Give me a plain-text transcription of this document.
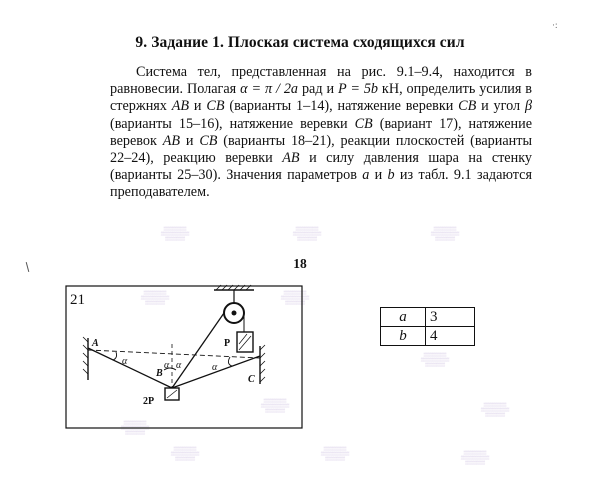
9. Задание 1. Плоская система сходящихся сил
Система тел, представленная на рис. 9.1–9.4, находится в равновесии. Полагая α = π / 2a рад и P = 5b кН, определить усилия в стержнях AB и CB (варианты 1–14), натяжение веревки CB и угол β (варианты 15–16), натяжение веревки CB (вариант 17), натяжение веревок AB и CB (варианты 18–21), реакции плоскостей (варианты 22–24), реакцию веревки AB и силу давления шара на стенку (варианты 25–30). Значения параметров a и b из табл. 9.1 задаются преподавателем.
18
·:
▒▒▒▒▒▒▒▒
▒▒▒▒▒▒▒▒▒▒
▒▒▒▒▒▒▒
▒▒▒▒▒▒▒▒
▒▒▒▒▒▒▒▒▒▒
▒▒▒▒▒▒▒
▒▒▒▒▒▒▒▒
▒▒▒▒▒▒▒▒▒▒
▒▒▒▒▒▒▒
▒▒▒▒▒▒▒▒
▒▒▒▒▒▒▒▒▒▒
▒▒▒▒▒▒▒
▒▒▒▒▒▒▒▒
▒▒▒▒▒▒▒▒▒▒
▒▒▒▒▒▒▒
▒▒▒▒▒▒▒▒
▒▒▒▒▒▒▒▒▒▒
▒▒▒▒▒▒▒
▒▒▒▒▒▒▒▒
▒▒▒▒▒▒▒▒▒▒
▒▒▒▒▒▒▒
▒▒▒▒▒▒▒▒
▒▒▒▒▒▒▒▒▒▒
▒▒▒▒▒▒▒
▒▒▒▒▒▒▒▒
▒▒▒▒▒▒▒▒▒▒
▒▒▒▒▒▒▒
▒▒▒▒▒▒▒▒
▒▒▒▒▒▒▒▒▒▒
▒▒▒▒▒▒▒
▒▒▒▒▒▒▒▒
▒▒▒▒▒▒▒▒▒▒
▒▒▒▒▒▒▒
▒▒▒▒▒▒▒▒
▒▒▒▒▒▒▒▒▒▒
▒▒▒▒▒▒▒
21
A
B
C
P
2P
α	α α	α
a	3
b	4
